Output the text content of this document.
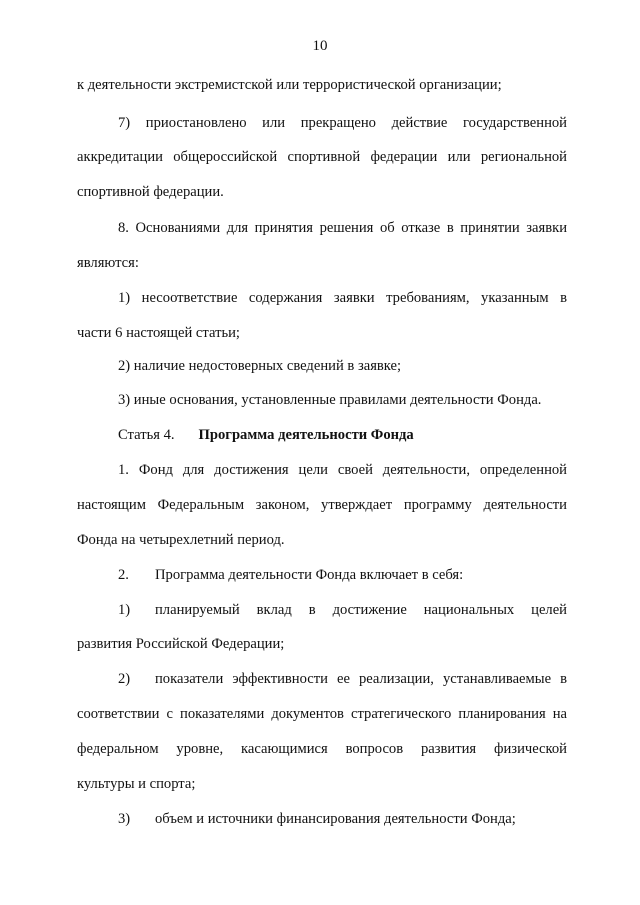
10
к деятельности экстремистской или террористической организации;
7) приостановлено или прекращено действие государственной
аккредитации общероссийской спортивной федерации или региональной
спортивной федерации.
8. Основаниями для принятия решения об отказе в принятии заявки
являются:
1) несоответствие содержания заявки требованиям, указанным в
части 6 настоящей статьи;
2) наличие недостоверных сведений в заявке;
3) иные основания, установленные правилами деятельности Фонда.
Статья 4. Программа деятельности Фонда
1. Фонд для достижения цели своей деятельности, определенной
настоящим Федеральным законом, утверждает программу деятельности
Фонда на четырехлетний период.
2. Программа деятельности Фонда включает в себя:
1) планируемый вклад в достижение национальных целей
развития Российской Федерации;
2) показатели эффективности ее реализации, устанавливаемые в
соответствии с показателями документов стратегического планирования на
федеральном уровне, касающимися вопросов развития физической
культуры и спорта;
3) объем и источники финансирования деятельности Фонда;
